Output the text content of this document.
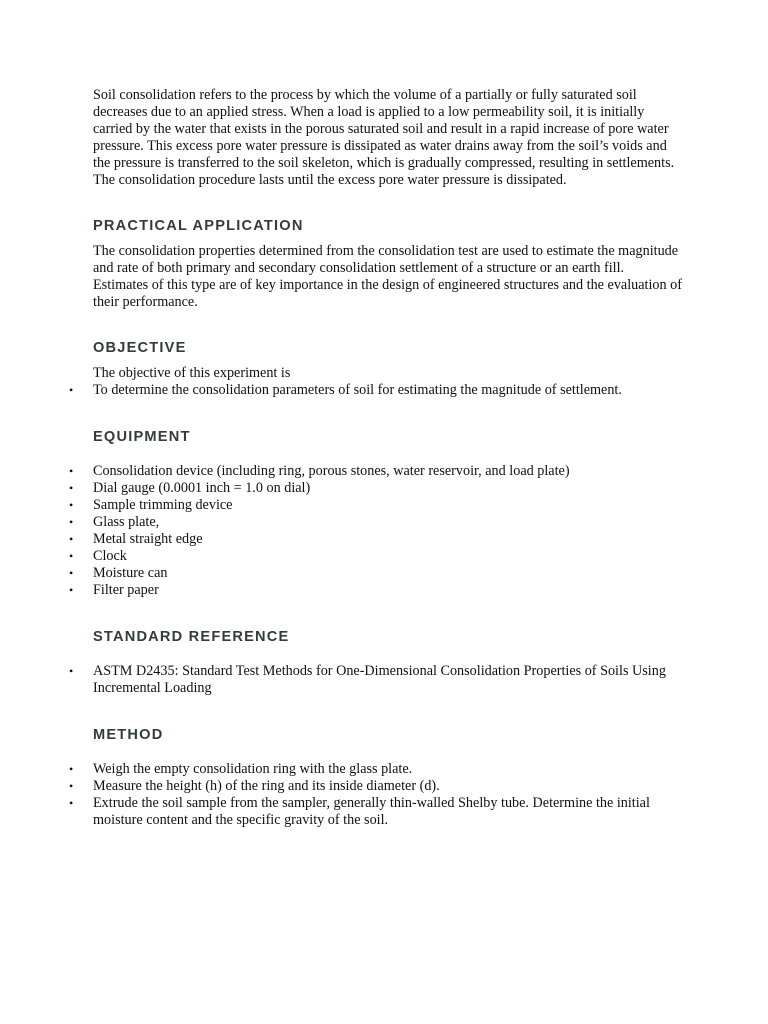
Soil consolidation refers to the process by which the volume of a partially or fully saturated soil decreases due to an applied stress. When a load is applied to a low permeability soil, it is initially carried by the water that exists in the porous saturated soil and result in a rapid increase of pore water pressure. This excess pore water pressure is dissipated as water drains away from the soil’s voids and the pressure is transferred to the soil skeleton, which is gradually compressed, resulting in settlements. The consolidation procedure lasts until the excess pore water pressure is dissipated.

PRACTICAL APPLICATION

The consolidation properties determined from the consolidation test are used to estimate the magnitude and rate of both primary and secondary consolidation settlement of a structure or an earth fill.

Estimates of this type are of key importance in the design of engineered structures and the evaluation of their performance.

OBJECTIVE

The objective of this experiment is

• To determine the consolidation parameters of soil for estimating the magnitude of settlement.
EQUIPMENT
• Consolidation device (including ring, porous stones, water reservoir, and load plate)
• Dial gauge (0.0001 inch = 1.0 on dial)
• Sample trimming device
• Glass plate,
• Metal straight edge
• Clock
• Moisture can
• Filter paper
STANDARD REFERENCE
• ASTM D2435: Standard Test Methods for One-Dimensional Consolidation Properties of Soils Using Incremental Loading
METHOD
• Weigh the empty consolidation ring with the glass plate.
• Measure the height (h) of the ring and its inside diameter (d).
• Extrude the soil sample from the sampler, generally thin-walled Shelby tube. Determine the initial moisture content and the specific gravity of the soil.
